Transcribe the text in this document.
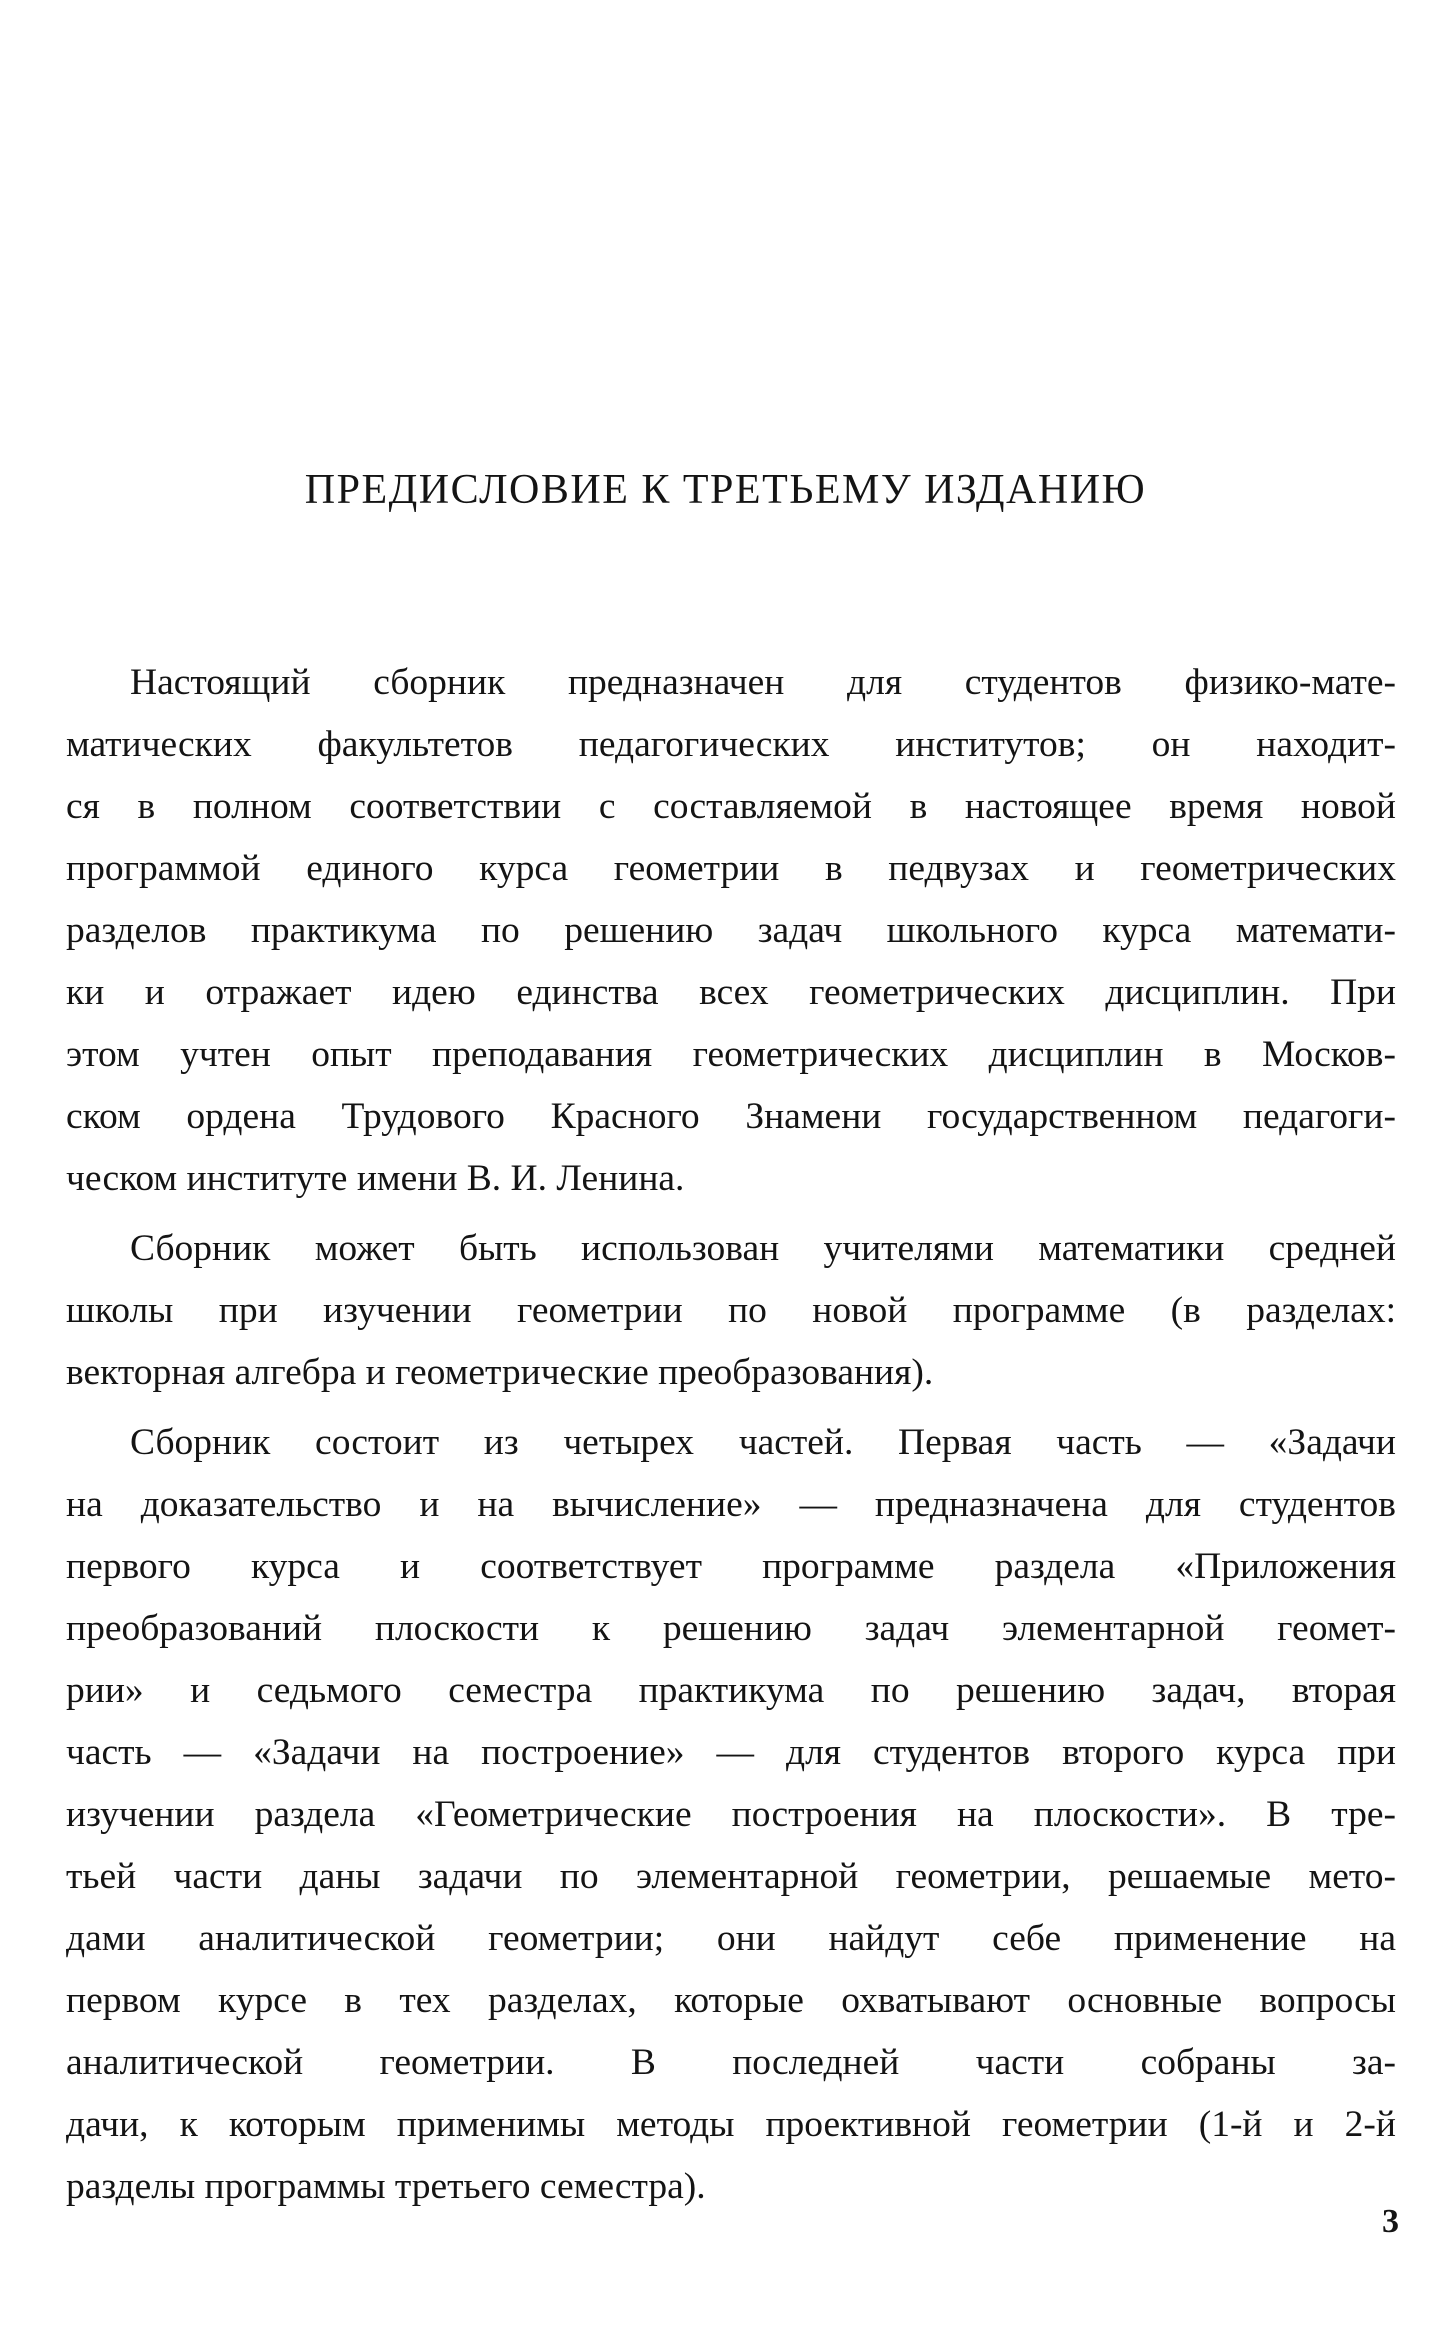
ПРЕДИСЛОВИЕ К ТРЕТЬЕМУ ИЗДАНИЮ
Настоящий сборник предназначен для студентов физико-мате-
матических факультетов педагогических институтов; он находит-
ся в полном соответствии с составляемой в настоящее время новой
программой единого курса геометрии в педвузах и геометрических
разделов практикума по решению задач школьного курса математи-
ки и отражает идею единства всех геометрических дисциплин. При
этом учтен опыт преподавания геометрических дисциплин в Москов-
ском ордена Трудового Красного Знамени государственном педагоги-
ческом институте имени В. И. Ленина.
Сборник может быть использован учителями математики средней
школы при изучении геометрии по новой программе (в разделах:
векторная алгебра и геометрические преобразования).
Сборник состоит из четырех частей. Первая часть — «Задачи
на доказательство и на вычисление» — предназначена для студентов
первого курса и соответствует программе раздела «Приложения
преобразований плоскости к решению задач элементарной геомет-
рии» и седьмого семестра практикума по решению задач, вторая
часть — «Задачи на построение» — для студентов второго курса при
изучении раздела «Геометрические построения на плоскости». В тре-
тьей части даны задачи по элементарной геометрии, решаемые мето-
дами аналитической геометрии; они найдут себе применение на
первом курсе в тех разделах, которые охватывают основные вопросы
аналитической геометрии. В последней части собраны за-
дачи, к которым применимы методы проективной геометрии (1-й и 2-й
разделы программы третьего семестра).
3
